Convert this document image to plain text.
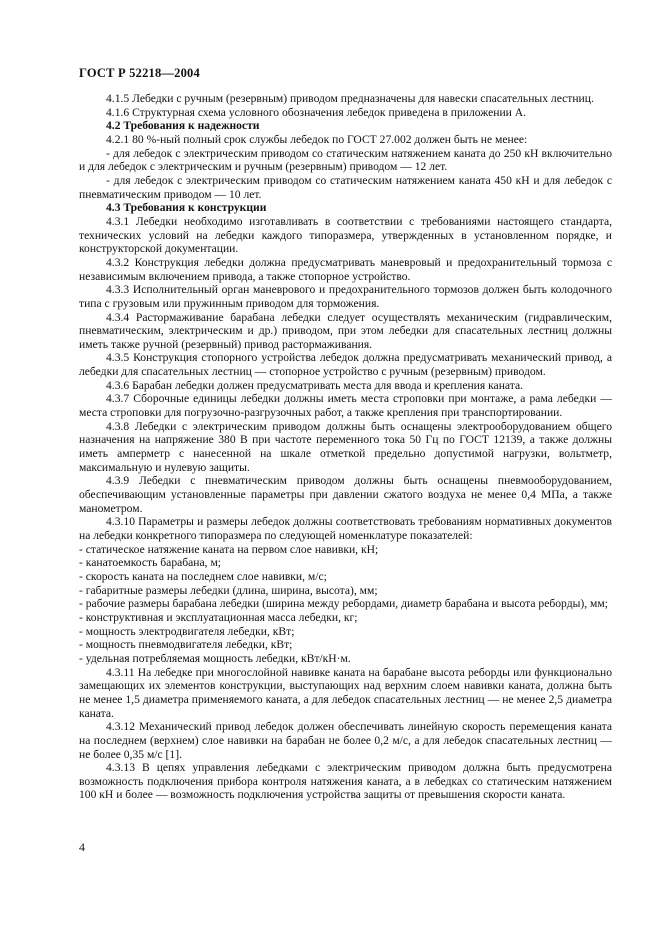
ГОСТ Р 52218—2004

4.1.5 Лебедки с ручным (резервным) приводом предназначены для навески спасательных лестниц.

4.1.6 Структурная схема условного обозначения лебедок приведена в приложении А.

4.2 Требования к надежности

4.2.1 80 %-ный полный срок службы лебедок по ГОСТ 27.002 должен быть не менее:

- для лебедок с электрическим приводом со статическим натяжением каната до 250 кН включительно и для лебедок с электрическим и ручным (резервным) приводом — 12 лет.

- для лебедок с электрическим приводом со статическим натяжением каната 450 кН и для лебедок с пневматическим приводом — 10 лет.

4.3 Требования к конструкции

4.3.1 Лебедки необходимо изготавливать в соответствии с требованиями настоящего стандарта, технических условий на лебедки каждого типоразмера, утвержденных в установленном порядке, и конструкторской документации.

4.3.2 Конструкция лебедки должна предусматривать маневровый и предохранительный тормоза с независимым включением привода, а также стопорное устройство.

4.3.3 Исполнительный орган маневрового и предохранительного тормозов должен быть колодочного типа с грузовым или пружинным приводом для торможения.

4.3.4 Растормаживание барабана лебедки следует осуществлять механическим (гидравлическим, пневматическим, электрическим и др.) приводом, при этом лебедки для спасательных лестниц должны иметь также ручной (резервный) привод растормаживания.

4.3.5 Конструкция стопорного устройства лебедок должна предусматривать механический привод, а лебедки для спасательных лестниц — стопорное устройство с ручным (резервным) приводом.

4.3.6 Барабан лебедки должен предусматривать места для ввода и крепления каната.

4.3.7 Сборочные единицы лебедки должны иметь места строповки при монтаже, а рама лебедки — места строповки для погрузочно-разгрузочных работ, а также крепления при транспортировании.

4.3.8 Лебедки с электрическим приводом должны быть оснащены электрооборудованием общего назначения на напряжение 380 В при частоте переменного тока 50 Гц по ГОСТ 12139, а также должны иметь амперметр с нанесенной на шкале отметкой предельно допустимой нагрузки, вольтметр, максимальную и нулевую защиты.

4.3.9 Лебедки с пневматическим приводом должны быть оснащены пневмооборудованием, обеспечивающим установленные параметры при давлении сжатого воздуха не менее 0,4 МПа, а также манометром.

4.3.10 Параметры и размеры лебедок должны соответствовать требованиям нормативных документов на лебедки конкретного типоразмера по следующей номенклатуре показателей:

- статическое натяжение каната на первом слое навивки, кН;

- канатоемкость барабана, м;

- скорость каната на последнем слое навивки, м/с;

- габаритные размеры лебедки (длина, ширина, высота), мм;

- рабочие размеры барабана лебедки (ширина между ребордами, диаметр барабана и высота реборды), мм;

- конструктивная и эксплуатационная масса лебедки, кг;

- мощность электродвигателя лебедки, кВт;

- мощность пневмодвигателя лебедки, кВт;

- удельная потребляемая мощность лебедки, кВт/кН·м.

4.3.11 На лебедке при многослойной навивке каната на барабане высота реборды или функционально замещающих их элементов конструкции, выступающих над верхним слоем навивки каната, должна быть не менее 1,5 диаметра применяемого каната, а для лебедок спасательных лестниц — не менее 2,5 диаметра каната.

4.3.12 Механический привод лебедок должен обеспечивать линейную скорость перемещения каната на последнем (верхнем) слое навивки на барабан не более 0,2 м/с, а для лебедок спасательных лестниц — не более 0,35 м/с [1].

4.3.13 В цепях управления лебедками с электрическим приводом должна быть предусмотрена возможность подключения прибора контроля натяжения каната, а в лебедках со статическим натяжением 100 кН и более — возможность подключения устройства защиты от превышения скорости каната.

4
